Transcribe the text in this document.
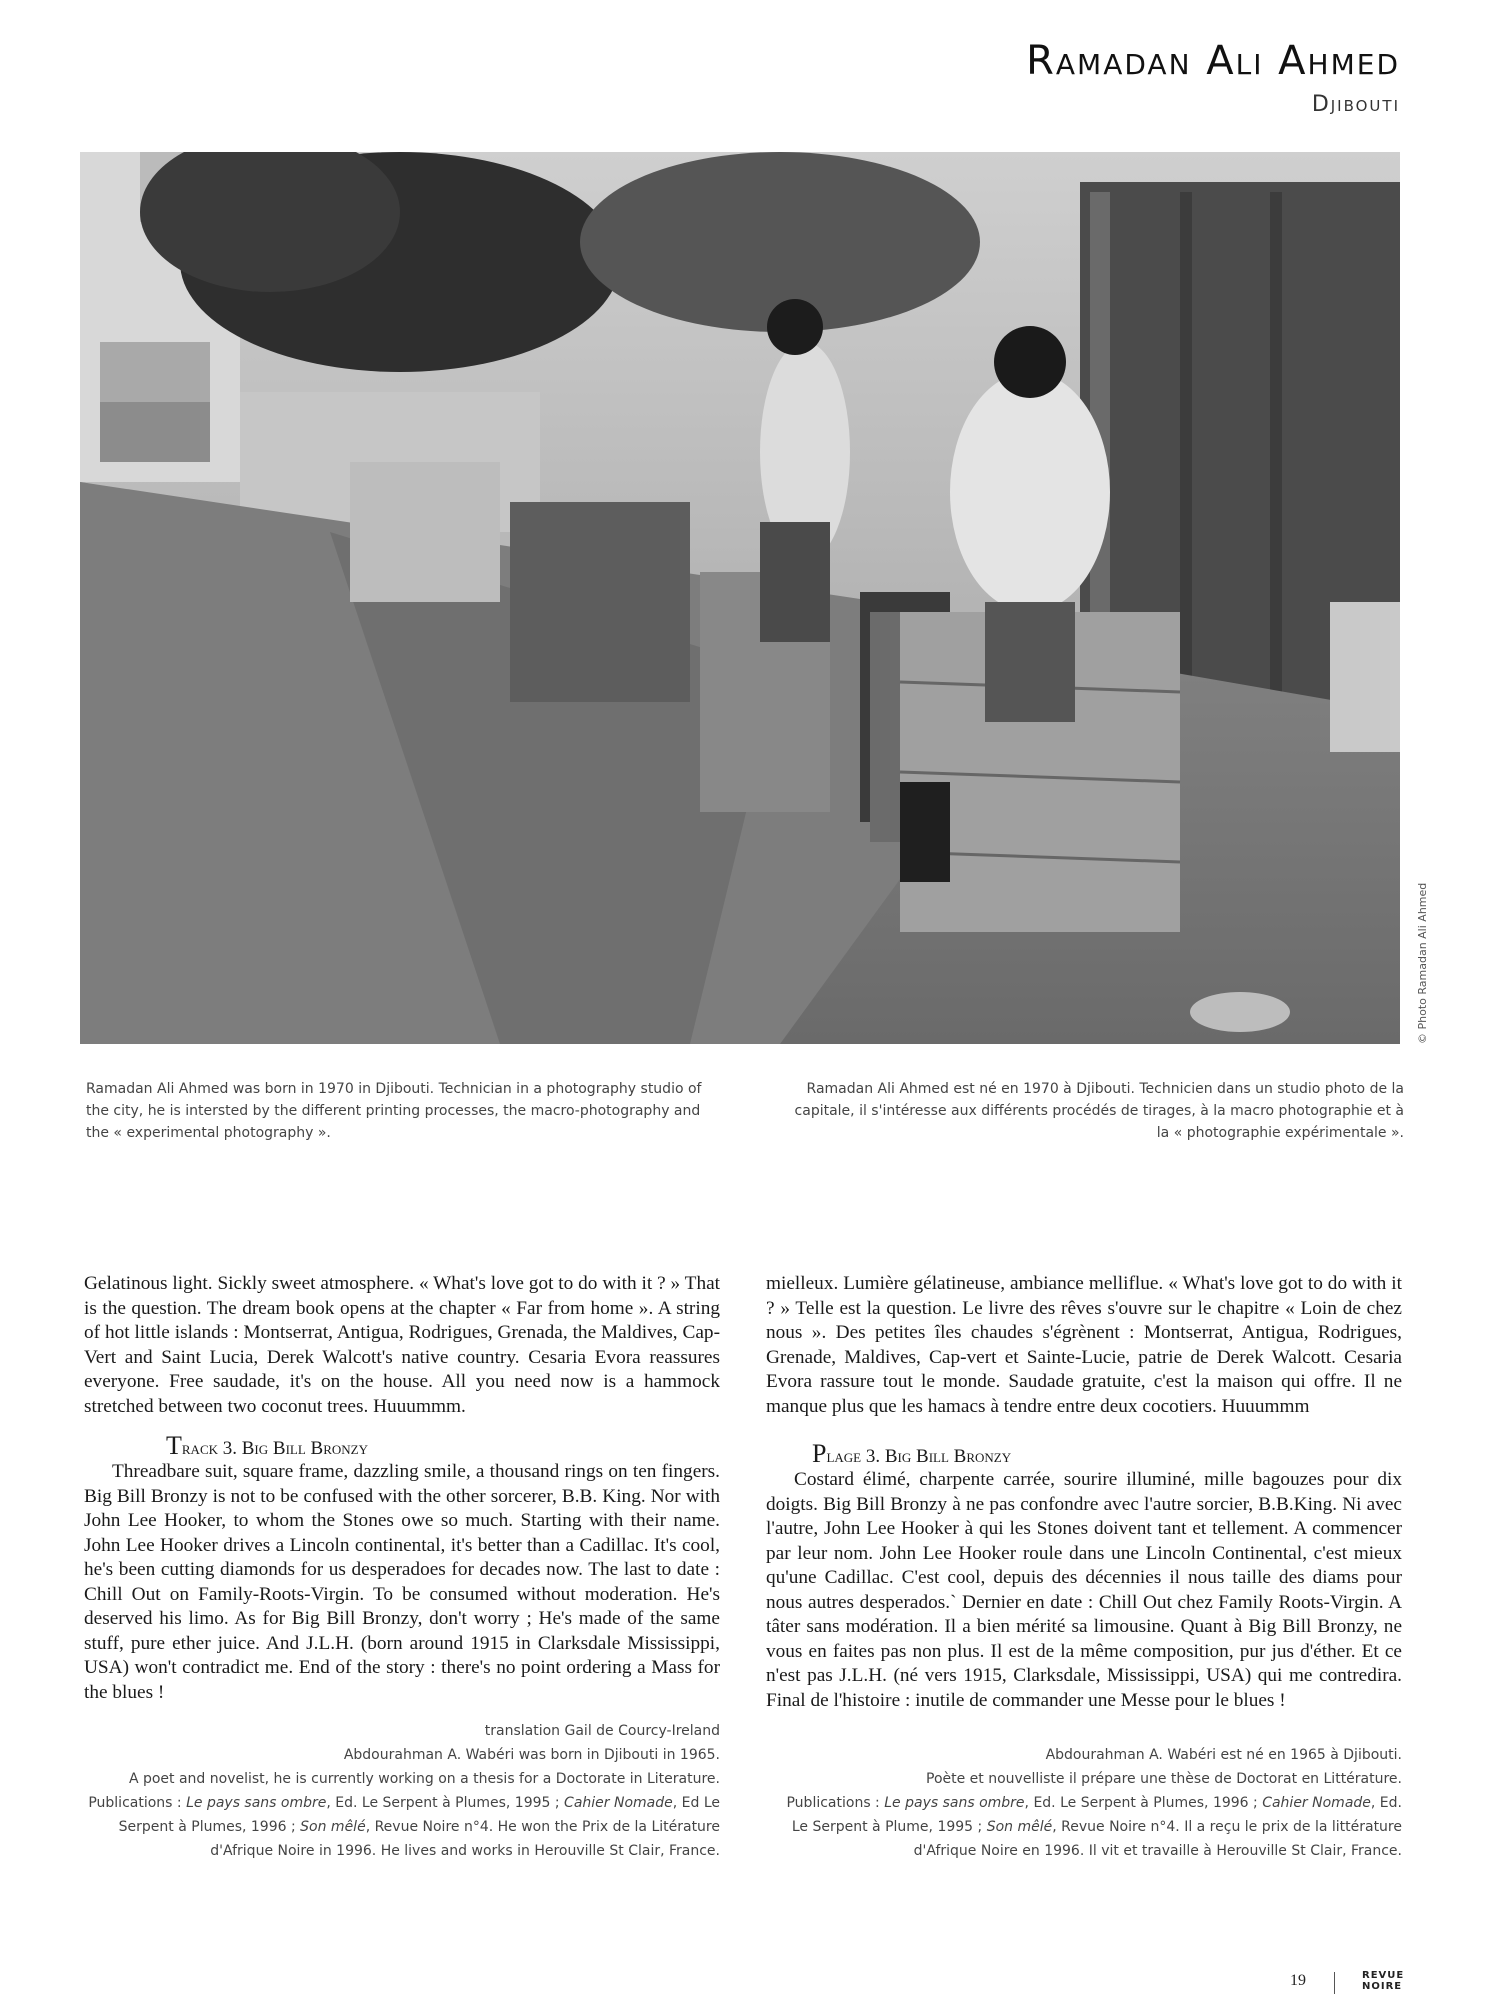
Ramadan Ali Ahmed
Djibouti
© Photo Ramadan Ali Ahmed

Ramadan Ali Ahmed was born in 1970 in Djibouti. Technician in a photography studio of the city, he is intersted by the different printing processes, the macro-photography and the « experimental photography ».

Ramadan Ali Ahmed est né en 1970 à Djibouti. Technicien dans un studio photo de la capitale, il s'intéresse aux différents procédés de tirages, à la macro photographie et à la « photographie expérimentale ».

Gelatinous light. Sickly sweet atmosphere. « What's love got to do with it ? » That is the question. The dream book opens at the chapter « Far from home ». A string of hot little islands : Montserrat, Antigua, Rodrigues, Grenada, the Maldives, Cap-Vert and Saint Lucia, Derek Walcott's native country. Cesaria Evora reassures everyone. Free saudade, it's on the house. All you need now is a hammock stretched between two coconut trees. Huuummm.

Track 3. Big Bill Bronzy

Threadbare suit, square frame, dazzling smile, a thousand rings on ten fingers. Big Bill Bronzy is not to be confused with the other sorcerer, B.B. King. Nor with John Lee Hooker, to whom the Stones owe so much. Starting with their name. John Lee Hooker drives a Lincoln continental, it's better than a Cadillac. It's cool, he's been cutting diamonds for us desperadoes for decades now. The last to date : Chill Out on Family-Roots-Virgin. To be consumed without moderation. He's deserved his limo. As for Big Bill Bronzy, don't worry ; He's made of the same stuff, pure ether juice. And J.L.H. (born around 1915 in Clarksdale Mississippi, USA) won't contradict me. End of the story : there's no point ordering a Mass for the blues !

translation Gail de Courcy-Ireland

Abdourahman A. Wabéri was born in Djibouti in 1965.

A poet and novelist, he is currently working on a thesis for a Doctorate in Literature.

Publications : Le pays sans ombre, Ed. Le Serpent à Plumes, 1995 ; Cahier Nomade, Ed Le Serpent à Plumes, 1996 ; Son mêlé, Revue Noire n°4. He won the Prix de la Litérature d'Afrique Noire in 1996. He lives and works in Herouville St Clair, France.

mielleux. Lumière gélatineuse, ambiance melliflue. « What's love got to do with it ? » Telle est la question. Le livre des rêves s'ouvre sur le chapitre « Loin de chez nous ». Des petites îles chaudes s'égrènent : Montserrat, Antigua, Rodrigues, Grenade, Maldives, Cap-vert et Sainte-Lucie, patrie de Derek Walcott. Cesaria Evora rassure tout le monde. Saudade gratuite, c'est la maison qui offre. Il ne manque plus que les hamacs à tendre entre deux cocotiers. Huuummm

Plage 3. Big Bill Bronzy

Costard élimé, charpente carrée, sourire illuminé, mille bagouzes pour dix doigts. Big Bill Bronzy à ne pas confondre avec l'autre sorcier, B.B.King. Ni avec l'autre, John Lee Hooker à qui les Stones doivent tant et tellement. A commencer par leur nom. John Lee Hooker roule dans une Lincoln Continental, c'est mieux qu'une Cadillac. C'est cool, depuis des décennies il nous taille des diams pour nous autres desperados.` Dernier en date : Chill Out chez Family Roots-Virgin. A tâter sans modération. Il a bien mérité sa limousine. Quant à Big Bill Bronzy, ne vous en faites pas non plus. Il est de la même composition, pur jus d'éther. Et ce n'est pas J.L.H. (né vers 1915, Clarksdale, Mississippi, USA) qui me contredira. Final de l'histoire : inutile de commander une Messe pour le blues !

Abdourahman A. Wabéri est né en 1965 à Djibouti.

Poète et nouvelliste il prépare une thèse de Doctorat en Littérature.

Publications : Le pays sans ombre, Ed. Le Serpent à Plumes, 1996 ; Cahier Nomade, Ed. Le Serpent à Plume, 1995 ; Son mêlé, Revue Noire n°4. Il a reçu le prix de la littérature d'Afrique Noire en 1996. Il vit et travaille à Herouville St Clair, France.

19	REVUE
NOIRE
